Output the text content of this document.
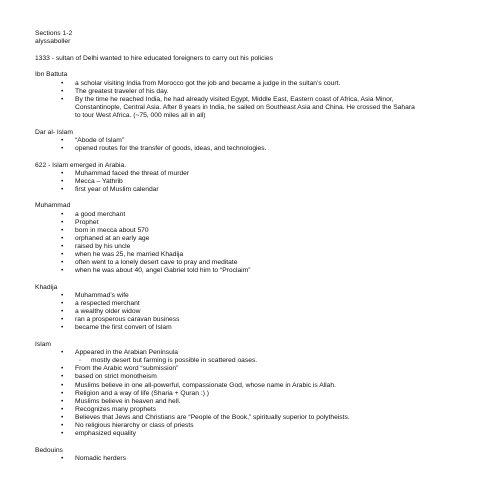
Sections 1-2
alyssaboller
1333 - sultan of Delhi wanted to hire educated foreigners to carry out his policies
Ibn Battuta
• a scholar visiting India from Morocco got the job and became a judge in the sultan’s court.
• The greatest traveler of his day.
• By the time he reached India, he had already visited Egypt, Middle East, Eastern coast of Africa, Asia Minor,
Constantinople, Central Asia. After 8 years in India, he sailed on Southeast Asia and China. He crossed the Sahara
to tour West Africa. (~75, 000 miles all in all)
Dar al- Islam
• “Abode of Islam”
• opened routes for the transfer of goods, ideas, and technologies.
622 - Islam emerged in Arabia.
• Muhammad faced the threat of murder
• Mecca – Yathrib
• first year of Muslim calendar
Muhammad
• a good merchant
• Prophet
• born in mecca about 570
• orphaned at an early age
• raised by his uncle
• when he was 25, he married Khadija
• often went to a lonely desert cave to pray and meditate
• when he was about 40, angel Gabriel told him to “Proclaim”
Khadija
• Muhammad’s wife
• a respected merchant
• a wealthy older widow
• ran a prosperous caravan business
• became the first convert of Islam
Islam
• Appeared in the Arabian Peninsula
◦ mostly desert but farming is possible in scattered oases.
• From the Arabic word “submission”
• based on strict monotheism
• Muslims believe in one all-powerful, compassionate God, whose name in Arabic is Allah.
• Religion and a way of life (Sharia + Quran :) )
• Muslims believe in heaven and hell.
• Recognizes many prophets
• Believes that Jews and Christians are “People of the Book,” spiritually superior to polytheists.
• No religious hierarchy or class of priests
• emphasized equality
Bedouins
• Nomadic herders
